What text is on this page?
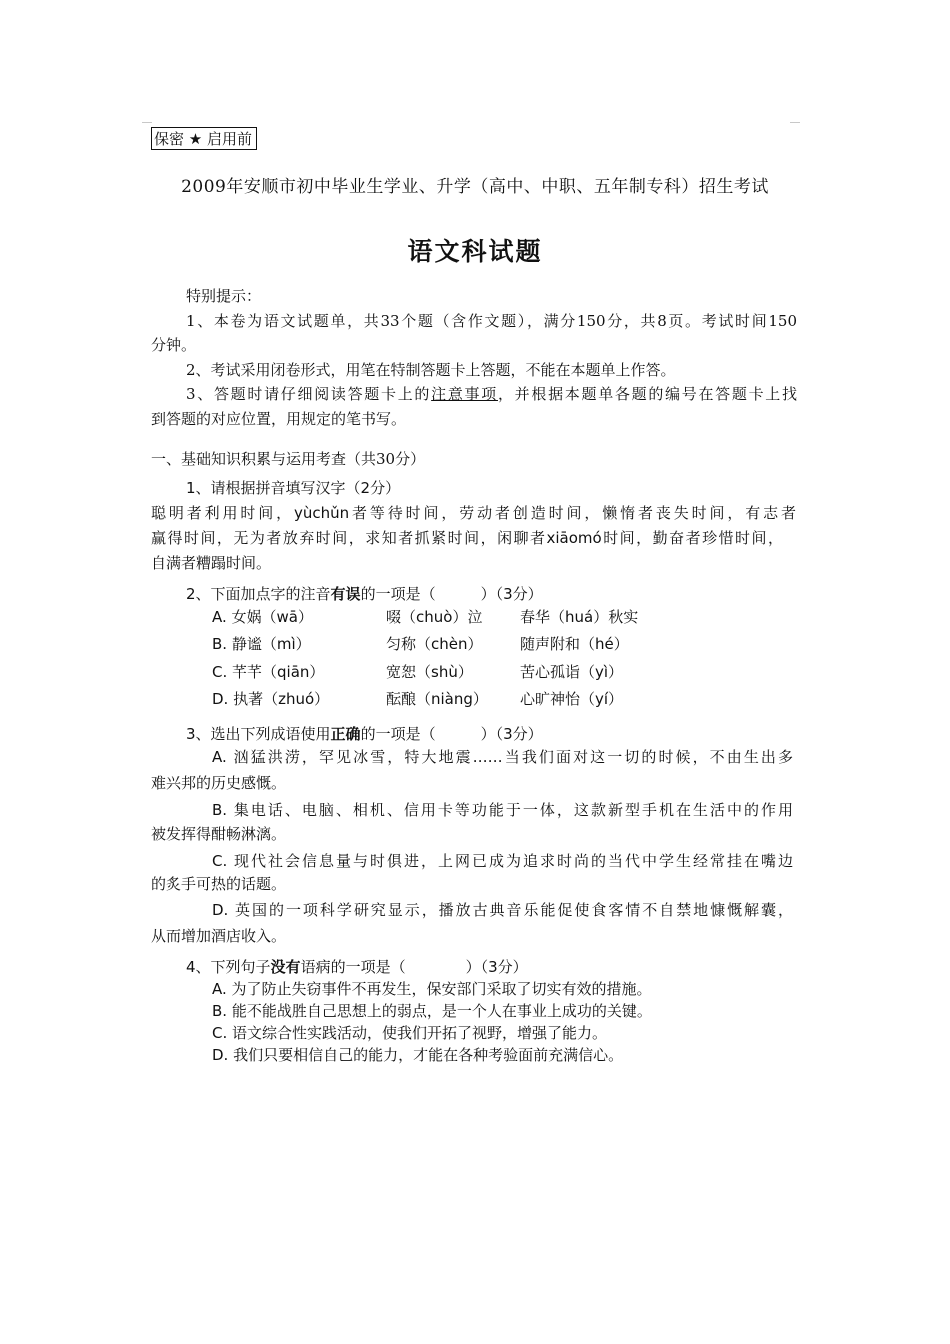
保密 ★ 启用前
2009年安顺市初中毕业生学业、升学（高中、中职、五年制专科）招生考试
语文科试题
特别提示：
1、本卷为语文试题单，共33个题（含作文题），满分150分，共8页。考试时间150
分钟。
2、考试采用闭卷形式，用笔在特制答题卡上答题，不能在本题单上作答。
3、答题时请仔细阅读答题卡上的注意事项，并根据本题单各题的编号在答题卡上找
到答题的对应位置，用规定的笔书写。
一、基础知识积累与运用考查（共30分）
1、请根据拼音填写汉字（2分）
聪明者利用时间，yùchǔn者等待时间，劳动者创造时间，懒惰者丧失时间，有志者
赢得时间，无为者放弃时间，求知者抓紧时间，闲聊者xiāomó时间，勤奋者珍惜时间，
自满者糟蹋时间。
2、下面加点字的注音有误的一项是（　　　）（3分）
A. 女娲（wā）	啜（chuò）泣	春华（huá）秋实
B. 静谧（mì）	匀称（chèn）	随声附和（hé）
C. 芊芊（qiān）	宽恕（shù）	苦心孤诣（yì）
D. 执著（zhuó）	酝酿（niàng） 心旷神怡（yí）
3、选出下列成语使用正确的一项是（　　　）（3分）
A. 汹猛洪涝，罕见冰雪，特大地震……当我们面对这一切的时候，不由生出多
难兴邦的历史感慨。
B. 集电话、电脑、相机、信用卡等功能于一体，这款新型手机在生活中的作用
被发挥得酣畅淋漓。
C. 现代社会信息量与时俱进，上网已成为追求时尚的当代中学生经常挂在嘴边
的炙手可热的话题。
D. 英国的一项科学研究显示，播放古典音乐能促使食客情不自禁地慷慨解囊，
从而增加酒店收入。
4、下列句子没有语病的一项是（　　　　）（3分）
A. 为了防止失窃事件不再发生，保安部门采取了切实有效的措施。
B. 能不能战胜自己思想上的弱点，是一个人在事业上成功的关键。
C. 语文综合性实践活动，使我们开拓了视野，增强了能力。
D. 我们只要相信自己的能力，才能在各种考验面前充满信心。
